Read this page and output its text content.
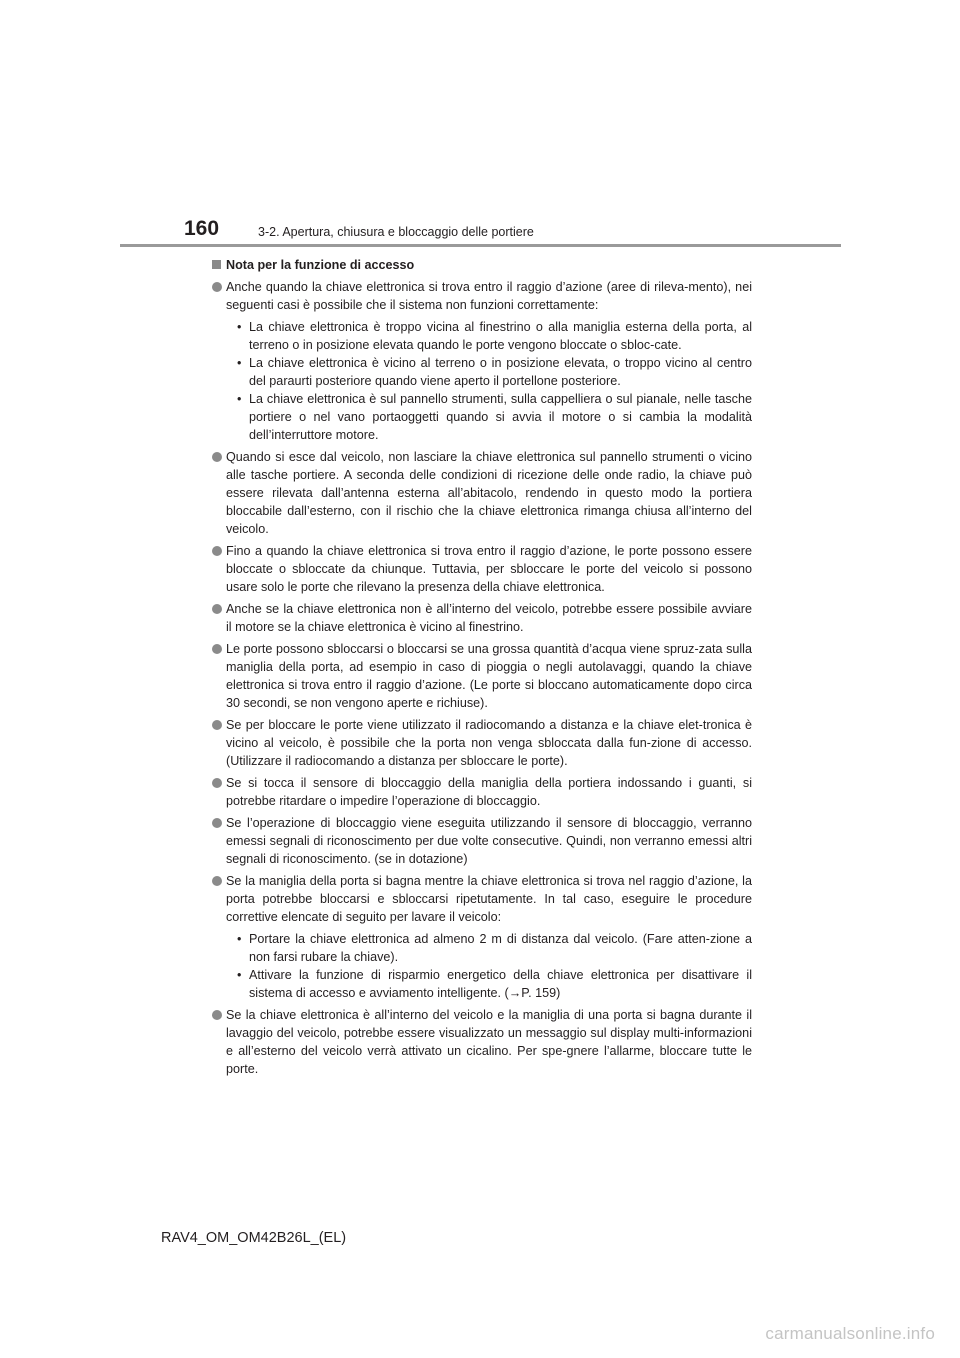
160	3-2. Apertura, chiusura e bloccaggio delle portiere
Nota per la funzione di accesso
Anche quando la chiave elettronica si trova entro il raggio d’azione (aree di rileva-mento), nei seguenti casi è possibile che il sistema non funzioni correttamente:
• La chiave elettronica è troppo vicina al finestrino o alla maniglia esterna della porta, al terreno o in posizione elevata quando le porte vengono bloccate o sbloc-cate.
• La chiave elettronica è vicino al terreno o in posizione elevata, o troppo vicino al centro del paraurti posteriore quando viene aperto il portellone posteriore.
• La chiave elettronica è sul pannello strumenti, sulla cappelliera o sul pianale, nelle tasche portiere o nel vano portaoggetti quando si avvia il motore o si cambia la modalità dell’interruttore motore.
Quando si esce dal veicolo, non lasciare la chiave elettronica sul pannello strumenti o vicino alle tasche portiere. A seconda delle condizioni di ricezione delle onde radio, la chiave può essere rilevata dall’antenna esterna all’abitacolo, rendendo in questo modo la portiera bloccabile dall’esterno, con il rischio che la chiave elettronica rimanga chiusa all’interno del veicolo.
Fino a quando la chiave elettronica si trova entro il raggio d’azione, le porte possono essere bloccate o sbloccate da chiunque. Tuttavia, per sbloccare le porte del veicolo si possono usare solo le porte che rilevano la presenza della chiave elettronica.
Anche se la chiave elettronica non è all’interno del veicolo, potrebbe essere possibile avviare il motore se la chiave elettronica è vicino al finestrino.
Le porte possono sbloccarsi o bloccarsi se una grossa quantità d’acqua viene spruz-zata sulla maniglia della porta, ad esempio in caso di pioggia o negli autolavaggi, quando la chiave elettronica si trova entro il raggio d’azione. (Le porte si bloccano automaticamente dopo circa 30 secondi, se non vengono aperte e richiuse).
Se per bloccare le porte viene utilizzato il radiocomando a distanza e la chiave elet-tronica è vicino al veicolo, è possibile che la porta non venga sbloccata dalla fun-zione di accesso. (Utilizzare il radiocomando a distanza per sbloccare le porte).
Se si tocca il sensore di bloccaggio della maniglia della portiera indossando i guanti, si potrebbe ritardare o impedire l’operazione di bloccaggio.
Se l’operazione di bloccaggio viene eseguita utilizzando il sensore di bloccaggio, verranno emessi segnali di riconoscimento per due volte consecutive. Quindi, non verranno emessi altri segnali di riconoscimento. (se in dotazione)
Se la maniglia della porta si bagna mentre la chiave elettronica si trova nel raggio d’azione, la porta potrebbe bloccarsi e sbloccarsi ripetutamente. In tal caso, eseguire le procedure correttive elencate di seguito per lavare il veicolo:
• Portare la chiave elettronica ad almeno 2 m di distanza dal veicolo. (Fare atten-zione a non farsi rubare la chiave).
• Attivare la funzione di risparmio energetico della chiave elettronica per disattivare il sistema di accesso e avviamento intelligente. (→P. 159)
Se la chiave elettronica è all’interno del veicolo e la maniglia di una porta si bagna durante il lavaggio del veicolo, potrebbe essere visualizzato un messaggio sul display multi-informazioni e all’esterno del veicolo verrà attivato un cicalino. Per spe-gnere l’allarme, bloccare tutte le porte.
RAV4_OM_OM42B26L_(EL)
carmanualsonline.info
